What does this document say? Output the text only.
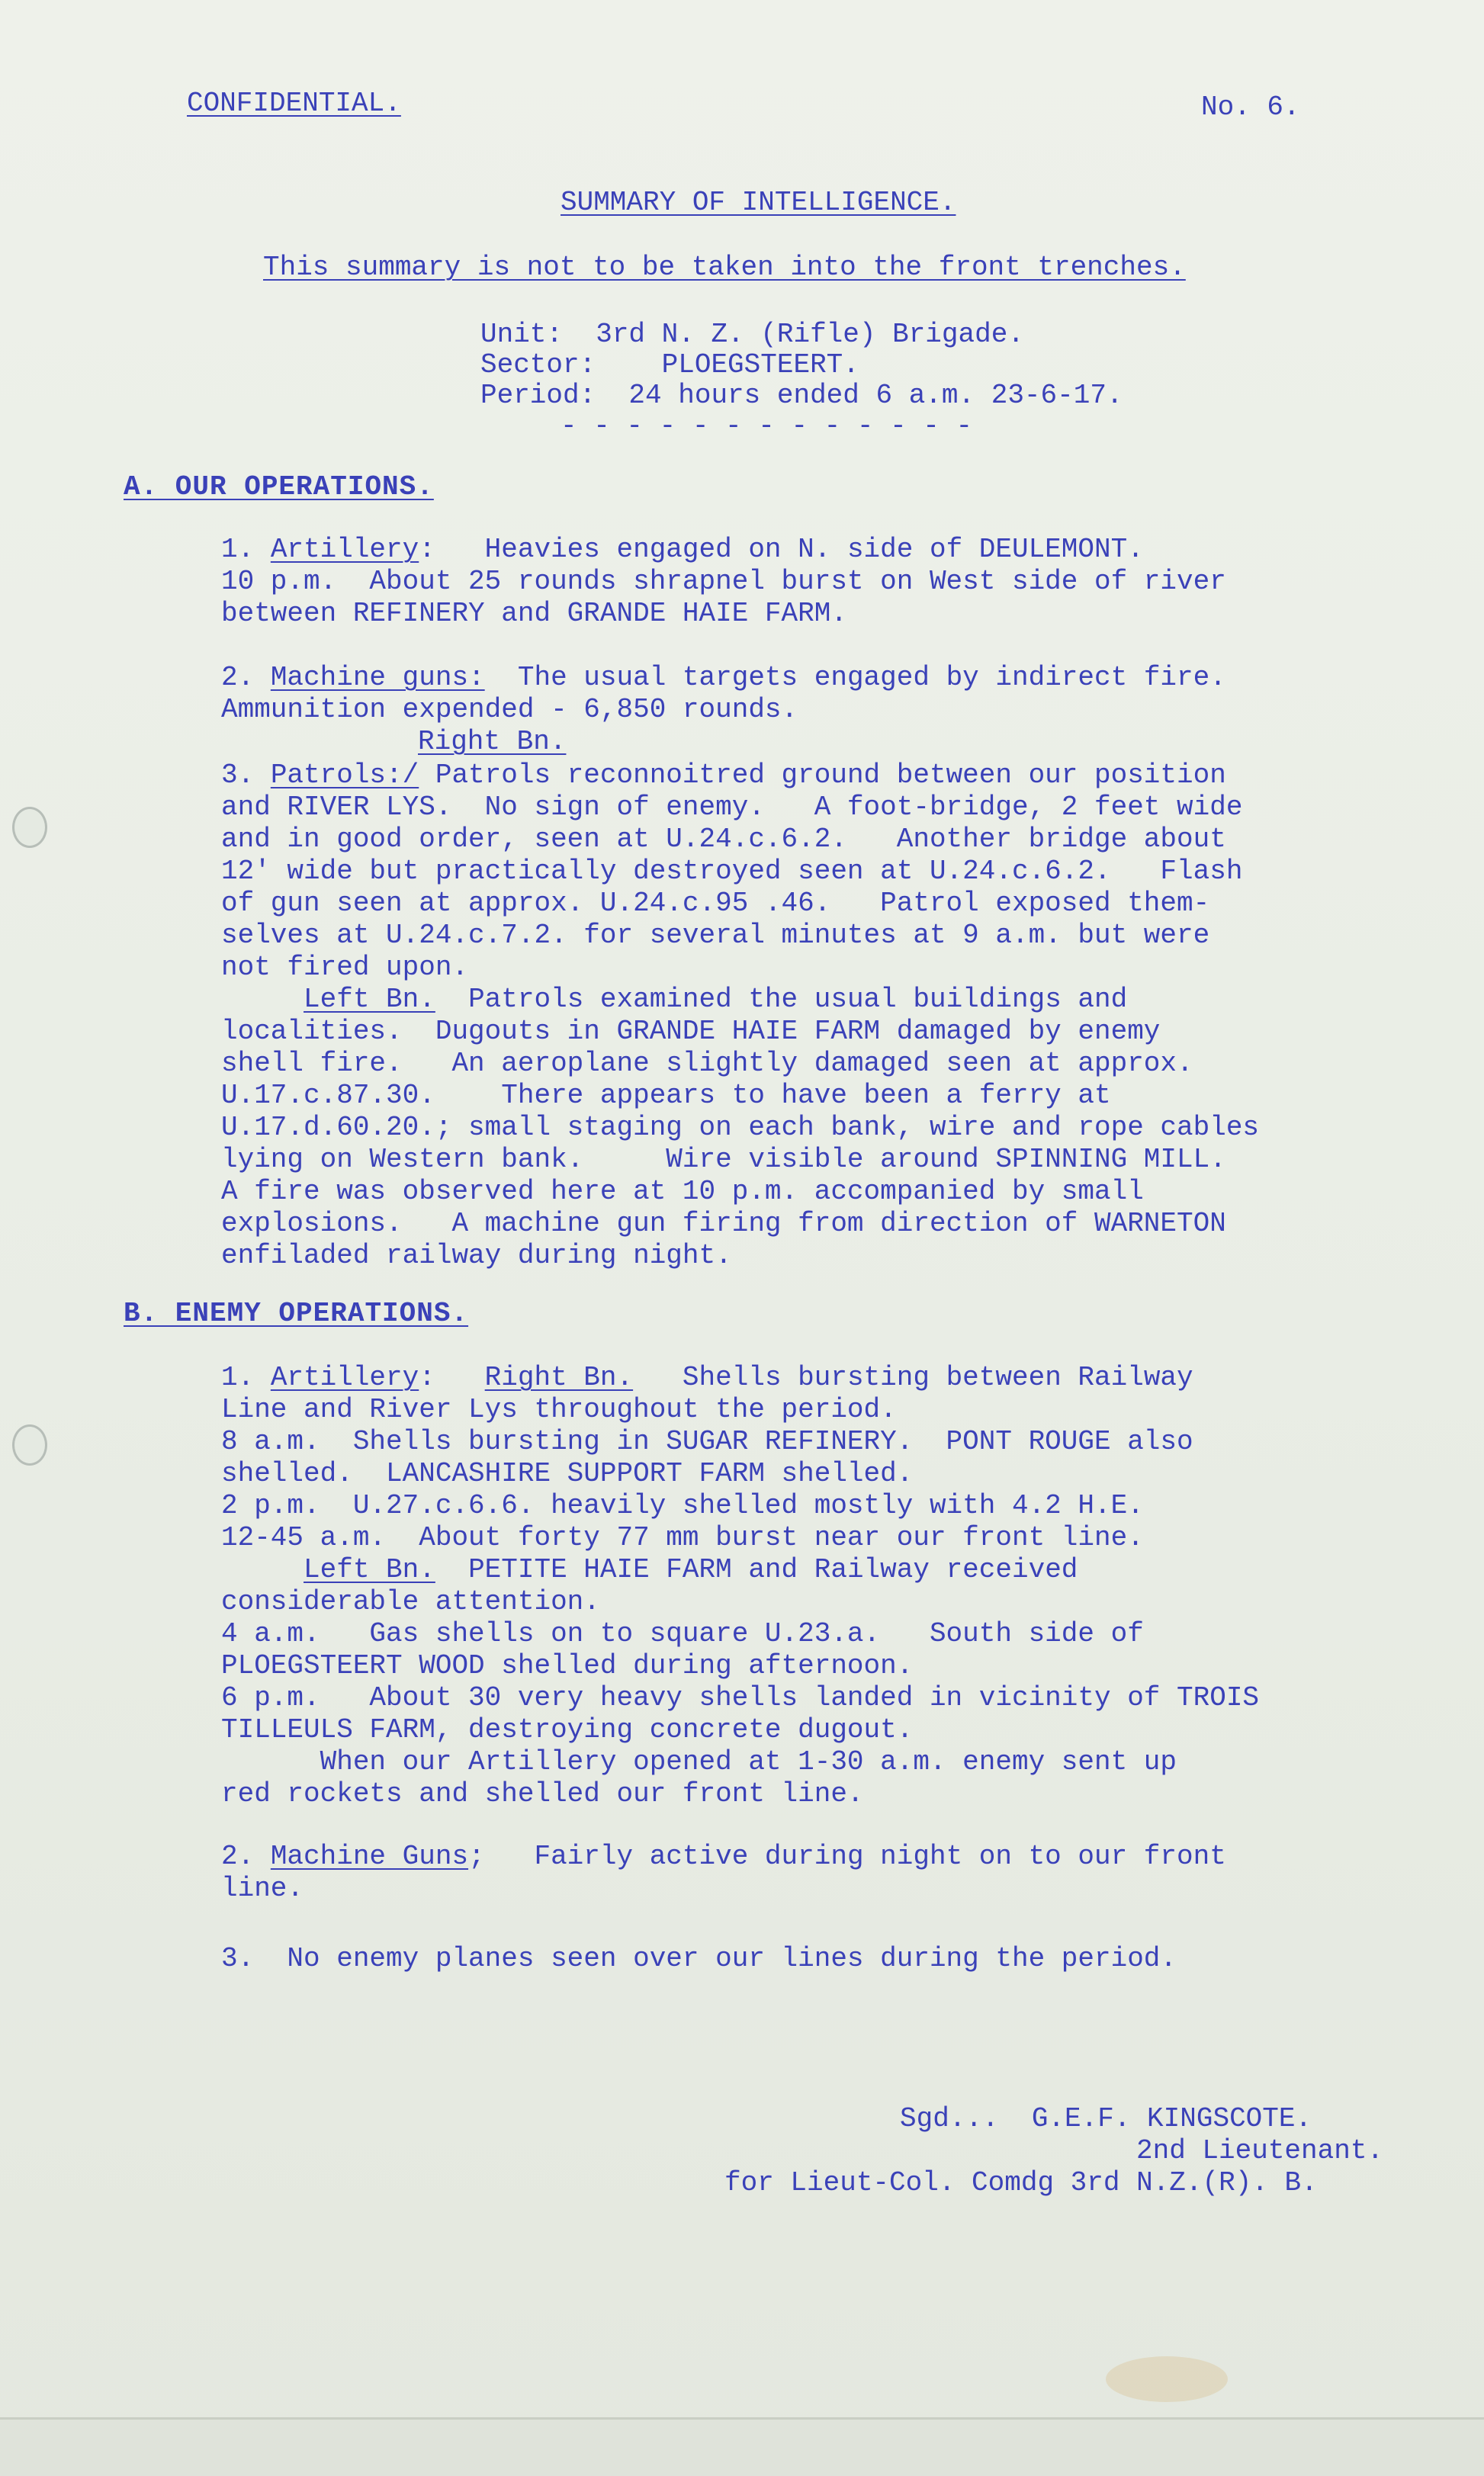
CONFIDENTIAL.	No. 6.
SUMMARY OF INTELLIGENCE.
This summary is not to be taken into the front trenches.
Unit:  3rd N. Z. (Rifle) Brigade.
Sector:    PLOEGSTEERT.
Period:  24 hours ended 6 a.m. 23-6-17.
- - - - - - - - - - - - -
A. OUR OPERATIONS.
1. Artillery:   Heavies engaged on N. side of DEULEMONT.
10 p.m.  About 25 rounds shrapnel burst on West side of river
between REFINERY and GRANDE HAIE FARM.
2. Machine guns:  The usual targets engaged by indirect fire.
Ammunition expended - 6,850 rounds.
Right Bn.
3. Patrols:/ Patrols reconnoitred ground between our position
and RIVER LYS.  No sign of enemy.   A foot-bridge, 2 feet wide
and in good order, seen at U.24.c.6.2.   Another bridge about
12' wide but practically destroyed seen at U.24.c.6.2.   Flash
of gun seen at approx. U.24.c.95 .46.   Patrol exposed them-
selves at U.24.c.7.2. for several minutes at 9 a.m. but were
not fired upon.
Left Bn.  Patrols examined the usual buildings and
localities.  Dugouts in GRANDE HAIE FARM damaged by enemy
shell fire.   An aeroplane slightly damaged seen at approx.
U.17.c.87.30.    There appears to have been a ferry at
U.17.d.60.20.; small staging on each bank, wire and rope cables
lying on Western bank.     Wire visible around SPINNING MILL.
A fire was observed here at 10 p.m. accompanied by small
explosions.   A machine gun firing from direction of WARNETON
enfiladed railway during night.
B. ENEMY OPERATIONS.
1. Artillery:   Right Bn.   Shells bursting between Railway
Line and River Lys throughout the period.
8 a.m.  Shells bursting in SUGAR REFINERY.  PONT ROUGE also
shelled.  LANCASHIRE SUPPORT FARM shelled.
2 p.m.  U.27.c.6.6. heavily shelled mostly with 4.2 H.E.
12-45 a.m.  About forty 77 mm burst near our front line.
Left Bn.  PETITE HAIE FARM and Railway received
considerable attention.
4 a.m.   Gas shells on to square U.23.a.   South side of
PLOEGSTEERT WOOD shelled during afternoon.
6 p.m.   About 30 very heavy shells landed in vicinity of TROIS
TILLEULS FARM, destroying concrete dugout.
When our Artillery opened at 1-30 a.m. enemy sent up
red rockets and shelled our front line.
2. Machine Guns;   Fairly active during night on to our front
line.
3.  No enemy planes seen over our lines during the period.
Sgd...  G.E.F. KINGSCOTE.
2nd Lieutenant.
for Lieut-Col. Comdg 3rd N.Z.(R). B.
